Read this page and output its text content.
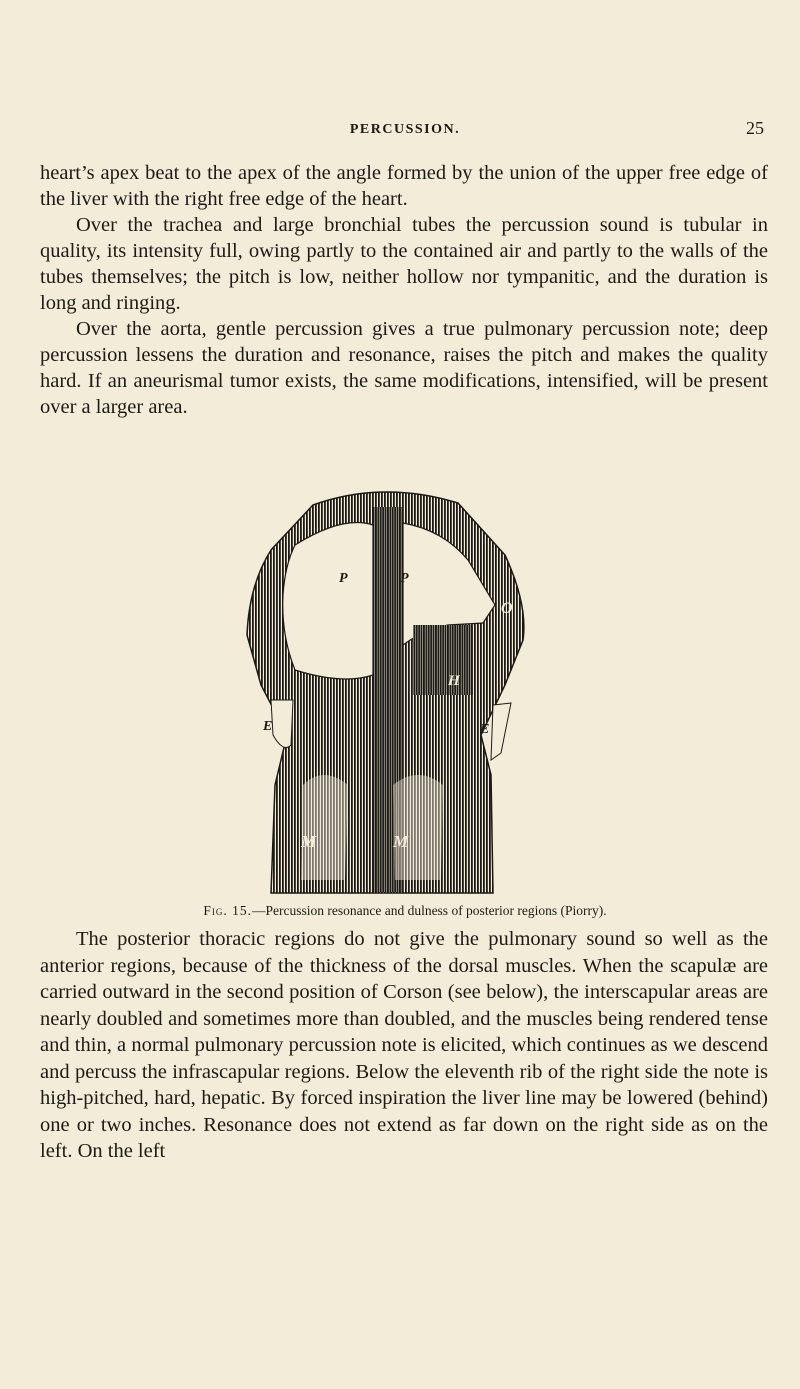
PERCUSSION.	25

heart’s apex beat to the apex of the angle formed by the union of the upper free edge of the liver with the right free edge of the heart.

Over the trachea and large bronchial tubes the percussion sound is tubular in quality, its intensity full, owing partly to the contained air and partly to the walls of the tubes themselves; the pitch is low, neither hollow nor tympanitic, and the duration is long and ringing.

Over the aorta, gentle percussion gives a true pulmonary percussion note; deep percussion lessens the duration and resonance, raises the pitch and makes the quality hard. If an aneurismal tumor exists, the same modifications, intensified, will be present over a larger area.

P	P
O
H
E	E
M	M
Fig. 15.—Percussion resonance and dulness of posterior regions (Piorry).

The posterior thoracic regions do not give the pulmonary sound so well as the anterior regions, because of the thickness of the dorsal muscles. When the scapulæ are carried outward in the second position of Corson (see below), the interscapular areas are nearly doubled and sometimes more than doubled, and the muscles being rendered tense and thin, a normal pulmonary percussion note is elicited, which continues as we descend and percuss the infrascapular regions. Below the eleventh rib of the right side the note is high-pitched, hard, hepatic. By forced inspiration the liver line may be lowered (behind) one or two inches. Resonance does not extend as far down on the right side as on the left. On the left
